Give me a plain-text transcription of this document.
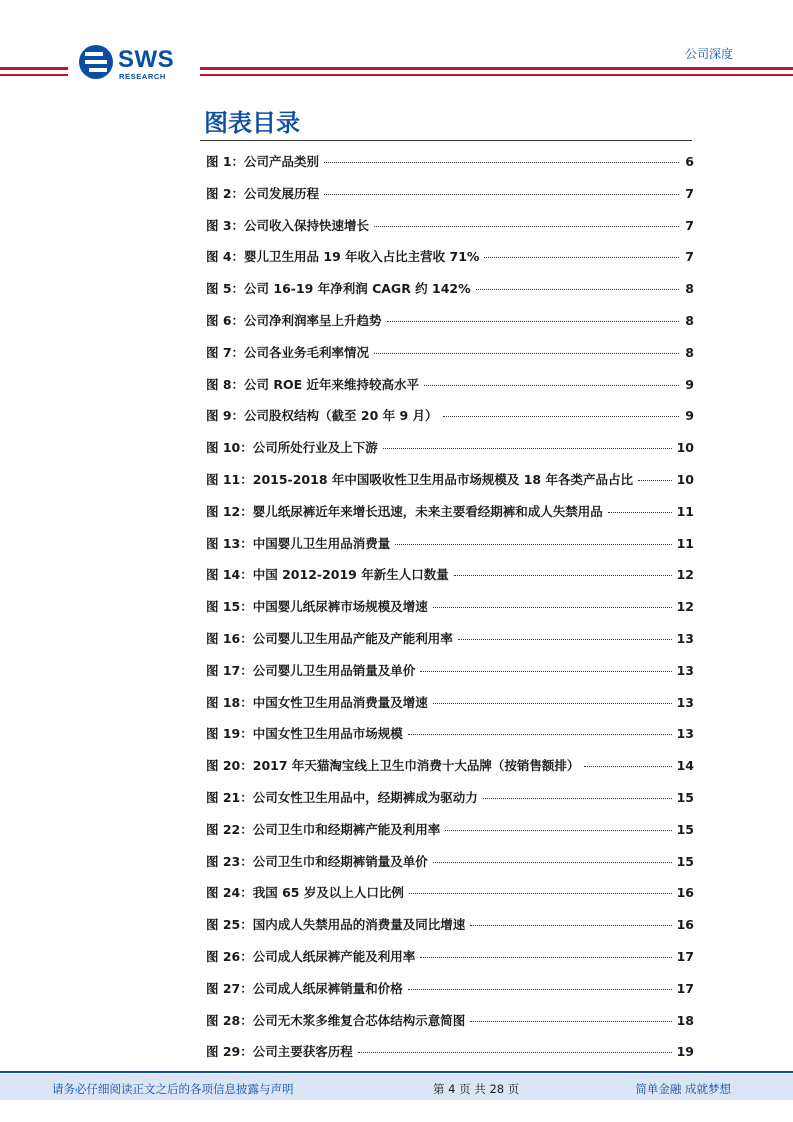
SWS
RESEARCH
公司深度
图表目录
图 1：公司产品类别	6
图 2：公司发展历程	7
图 3：公司收入保持快速增长	7
图 4：婴儿卫生用品 19 年收入占比主营收 71%	7
图 5：公司 16-19 年净利润 CAGR 约 142%	8
图 6：公司净利润率呈上升趋势	8
图 7：公司各业务毛利率情况	8
图 8：公司 ROE 近年来维持较高水平	9
图 9：公司股权结构（截至 20 年 9 月）	9
图 10：公司所处行业及上下游	10
图 11：2015-2018 年中国吸收性卫生用品市场规模及 18 年各类产品占比	10
图 12：婴儿纸尿裤近年来增长迅速，未来主要看经期裤和成人失禁用品	11
图 13：中国婴儿卫生用品消费量	11
图 14：中国 2012-2019 年新生人口数量	12
图 15：中国婴儿纸尿裤市场规模及增速	12
图 16：公司婴儿卫生用品产能及产能利用率	13
图 17：公司婴儿卫生用品销量及单价	13
图 18：中国女性卫生用品消费量及增速	13
图 19：中国女性卫生用品市场规模	13
图 20：2017 年天猫淘宝线上卫生巾消费十大品牌（按销售额排）	14
图 21：公司女性卫生用品中，经期裤成为驱动力	15
图 22：公司卫生巾和经期裤产能及利用率	15
图 23：公司卫生巾和经期裤销量及单价	15
图 24：我国 65 岁及以上人口比例	16
图 25：国内成人失禁用品的消费量及同比增速	16
图 26：公司成人纸尿裤产能及利用率	17
图 27：公司成人纸尿裤销量和价格	17
图 28：公司无木浆多维复合芯体结构示意简图	18
图 29：公司主要获客历程	19
请务必仔细阅读正文之后的各项信息披露与声明	第 4 页 共 28 页	简单金融 成就梦想
